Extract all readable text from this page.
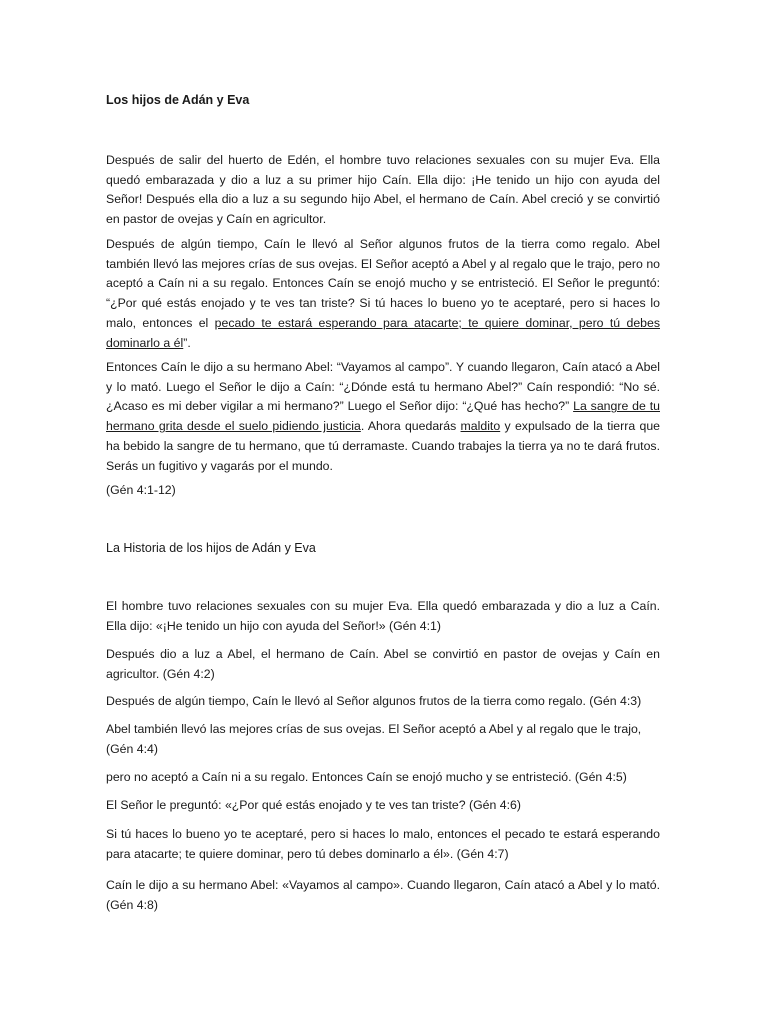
Los hijos de Adán y Eva

Después de salir del huerto de Edén, el hombre tuvo relaciones sexuales con su mujer Eva. Ella quedó embarazada y dio a luz a su primer hijo Caín. Ella dijo: ¡He tenido un hijo con ayuda del Señor! Después ella dio a luz a su segundo hijo Abel, el hermano de Caín. Abel creció y se convirtió en pastor de ovejas y Caín en agricultor.

Después de algún tiempo, Caín le llevó al Señor algunos frutos de la tierra como regalo. Abel también llevó las mejores crías de sus ovejas. El Señor aceptó a Abel y al regalo que le trajo, pero no aceptó a Caín ni a su regalo. Entonces Caín se enojó mucho y se entristeció. El Señor le preguntó: “¿Por qué estás enojado y te ves tan triste? Si tú haces lo bueno yo te aceptaré, pero si haces lo malo, entonces el pecado te estará esperando para atacarte; te quiere dominar, pero tú debes dominarlo a él”.

Entonces Caín le dijo a su hermano Abel: “Vayamos al campo”. Y cuando llegaron, Caín atacó a Abel y lo mató. Luego el Señor le dijo a Caín: “¿Dónde está tu hermano Abel?” Caín respondió: “No sé. ¿Acaso es mi deber vigilar a mi hermano?” Luego el Señor dijo: “¿Qué has hecho?” La sangre de tu hermano grita desde el suelo pidiendo justicia. Ahora quedarás maldito y expulsado de la tierra que ha bebido la sangre de tu hermano, que tú derramaste. Cuando trabajes la tierra ya no te dará frutos. Serás un fugitivo y vagarás por el mundo.

(Gén 4:1-12)

La Historia de los hijos de Adán y Eva

El hombre tuvo relaciones sexuales con su mujer Eva. Ella quedó embarazada y dio a luz a Caín. Ella dijo: «¡He tenido un hijo con ayuda del Señor!» (Gén 4:1)

Después dio a luz a Abel, el hermano de Caín. Abel se convirtió en pastor de ovejas y Caín en agricultor. (Gén 4:2)

Después de algún tiempo, Caín le llevó al Señor algunos frutos de la tierra como regalo. (Gén 4:3)

Abel también llevó las mejores crías de sus ovejas. El Señor aceptó a Abel y al regalo que le trajo, (Gén 4:4)

pero no aceptó a Caín ni a su regalo. Entonces Caín se enojó mucho y se entristeció. (Gén 4:5)

El Señor le preguntó: «¿Por qué estás enojado y te ves tan triste? (Gén 4:6)

Si tú haces lo bueno yo te aceptaré, pero si haces lo malo, entonces el pecado te estará esperando para atacarte; te quiere dominar, pero tú debes dominarlo a él». (Gén 4:7)

Caín le dijo a su hermano Abel: «Vayamos al campo». Cuando llegaron, Caín atacó a Abel y lo mató. (Gén 4:8)
